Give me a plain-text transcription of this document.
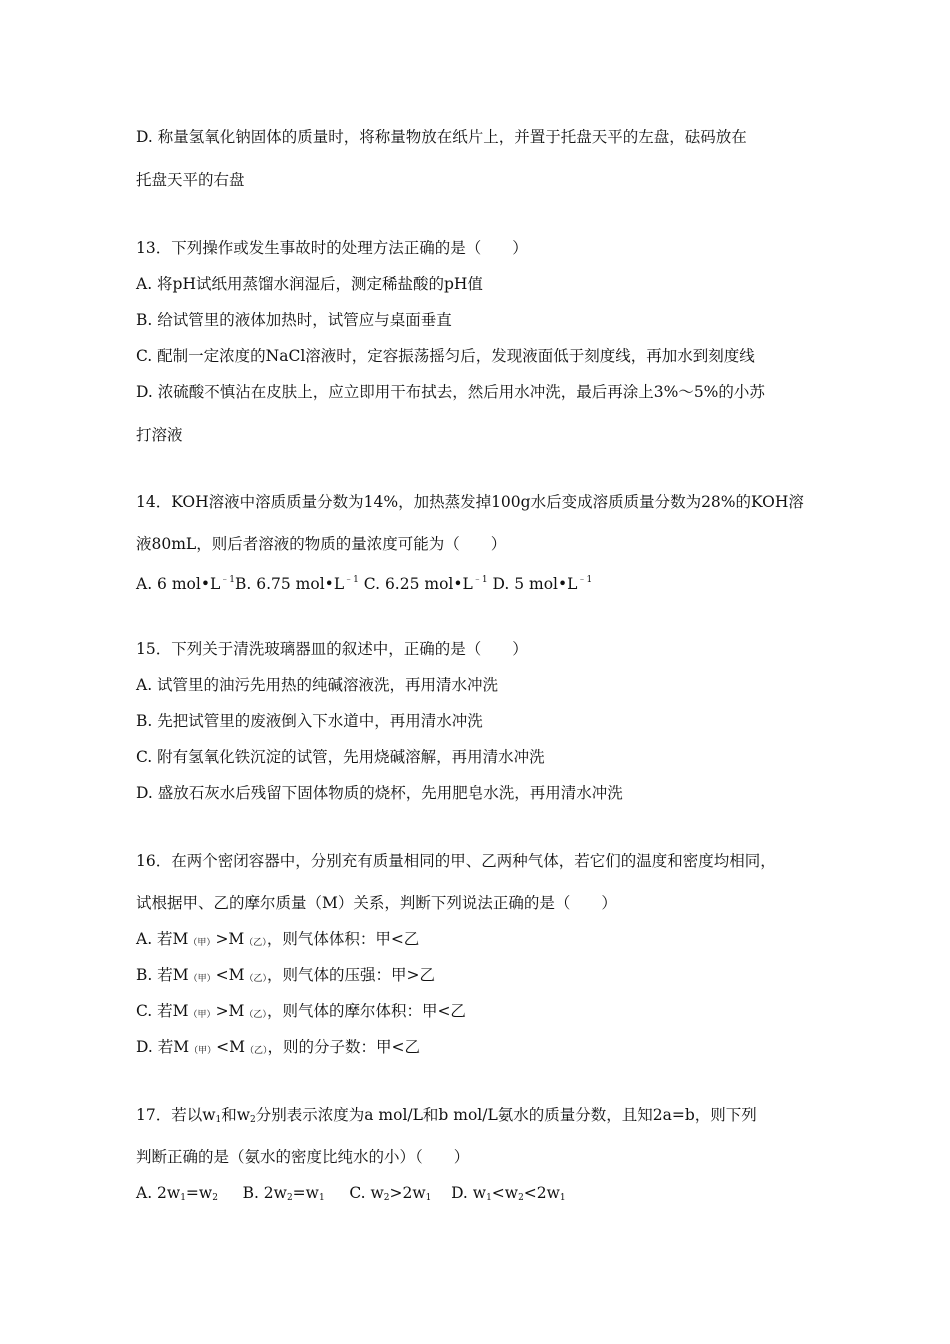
D. 称量氢氧化钠固体的质量时，将称量物放在纸片上，并置于托盘天平的左盘，砝码放在
托盘天平的右盘
13．下列操作或发生事故时的处理方法正确的是（　　）
A. 将pH试纸用蒸馏水润湿后，测定稀盐酸的pH值
B. 给试管里的液体加热时，试管应与桌面垂直
C. 配制一定浓度的NaCl溶液时，定容振荡摇匀后，发现液面低于刻度线，再加水到刻度线
D. 浓硫酸不慎沾在皮肤上，应立即用干布拭去，然后用水冲洗，最后再涂上3%～5%的小苏
打溶液
14．KOH溶液中溶质质量分数为14%，加热蒸发掉100g水后变成溶质质量分数为28%的KOH溶
液80mL，则后者溶液的物质的量浓度可能为（　　）
A. 6 $mol•L^{﹣1}B$. 6.75 $mol•L^{﹣1}$ C. 6.25 $mol•L^{﹣1}$ D. 5 $mol•L^{﹣1}$
15．下列关于清洗玻璃器皿的叙述中，正确的是（　　）
A. 试管里的油污先用热的纯碱溶液洗，再用清水冲洗
B. 先把试管里的废液倒入下水道中，再用清水冲洗
C. 附有氢氧化铁沉淀的试管，先用烧碱溶解，再用清水冲洗
D. 盛放石灰水后残留下固体物质的烧杯，先用肥皂水洗，再用清水冲洗
16．在两个密闭容器中，分别充有质量相同的甲、乙两种气体，若它们的温度和密度均相同，
试根据甲、乙的摩尔质量（M）关系，判断下列说法正确的是（　　）
A. 若M（甲）>M（乙），则气体体积：甲<乙
B. 若M（甲）<M（乙），则气体的压强：甲>乙
C. 若M（甲）>M（乙），则气体的摩尔体积：甲<乙
D. 若M（甲）<M（乙），则的分子数：甲<乙
17．若以$w_1$和$w_2$分别表示浓度为a mol/L和b mol/L氨水的质量分数，且知2a=b，则下列
判断正确的是（氨水的密度比纯水的小）（　　）
A. $2w_1=w_2$ B. $2w_2=w_1$ C. $w_2>2w_1$ D. $w_1<w_2<2w_1$
